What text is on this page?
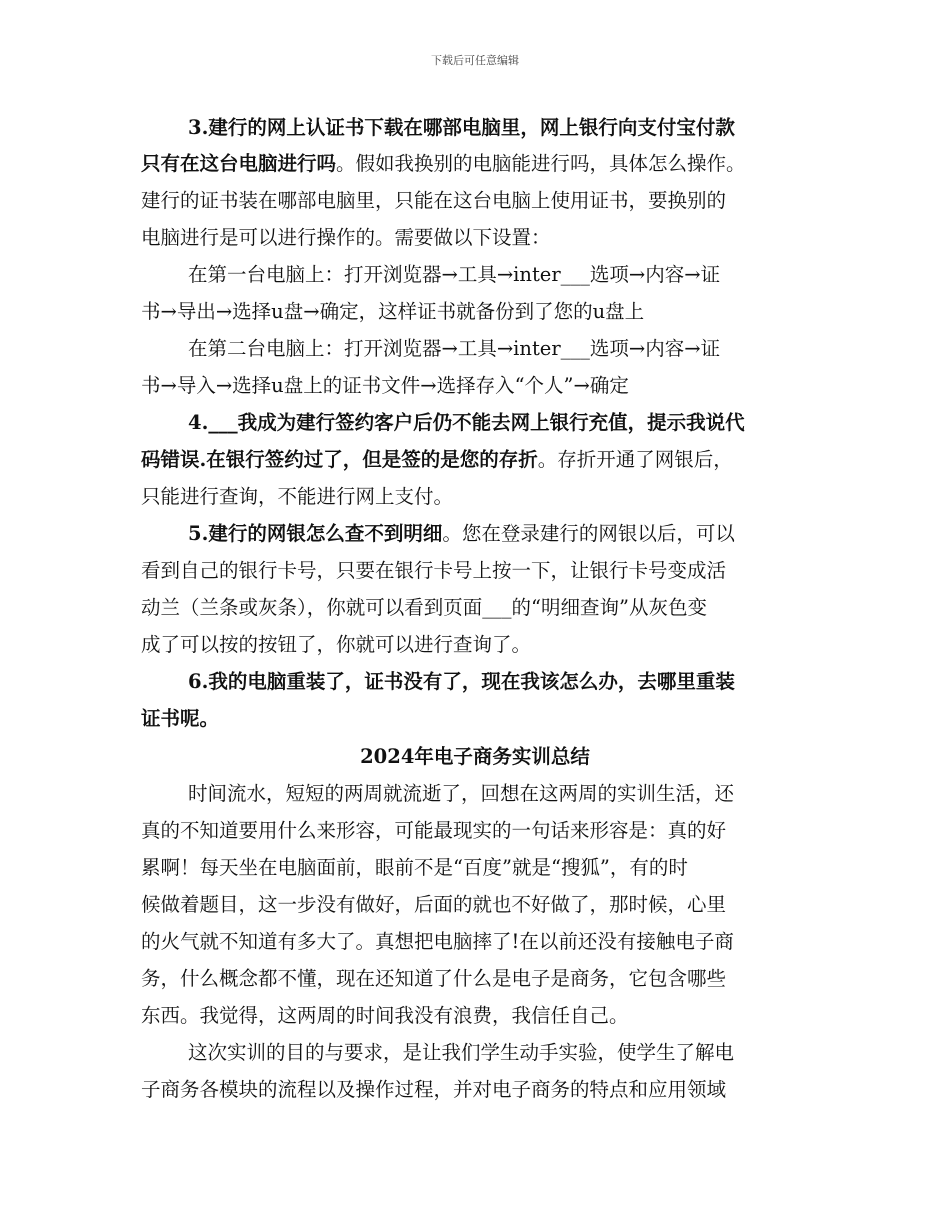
下载后可任意编辑
3.建行的网上认证书下载在哪部电脑里，网上银行向支付宝付款
只有在这台电脑进行吗。假如我换别的电脑能进行吗，具体怎么操作。
建行的证书装在哪部电脑里，只能在这台电脑上使用证书，要换别的
电脑进行是可以进行操作的。需要做以下设置：
在第一台电脑上：打开浏览器→工具→inter___选项→内容→证
书→导出→选择u盘→确定，这样证书就备份到了您的u盘上
在第二台电脑上：打开浏览器→工具→inter___选项→内容→证
书→导入→选择u盘上的证书文件→选择存入“个人”→确定
4.___我成为建行签约客户后仍不能去网上银行充值，提示我说代
码错误.在银行签约过了，但是签的是您的存折。存折开通了网银后，
只能进行查询，不能进行网上支付。
5.建行的网银怎么查不到明细。您在登录建行的网银以后，可以
看到自己的银行卡号，只要在银行卡号上按一下，让银行卡号变成活
动兰（兰条或灰条），你就可以看到页面___的“明细查询”从灰色变
成了可以按的按钮了，你就可以进行查询了。
6.我的电脑重装了，证书没有了，现在我该怎么办，去哪里重装
证书呢。
2024年电子商务实训总结
时间流水，短短的两周就流逝了，回想在这两周的实训生活，还
真的不知道要用什么来形容，可能最现实的一句话来形容是：真的好
累啊！每天坐在电脑面前，眼前不是“百度”就是“搜狐”，有的时
候做着题目，这一步没有做好，后面的就也不好做了，那时候，心里
的火气就不知道有多大了。真想把电脑摔了!在以前还没有接触电子商
务，什么概念都不懂，现在还知道了什么是电子是商务，它包含哪些
东西。我觉得，这两周的时间我没有浪费，我信任自己。
这次实训的目的与要求，是让我们学生动手实验，使学生了解电
子商务各模块的流程以及操作过程，并对电子商务的特点和应用领域
